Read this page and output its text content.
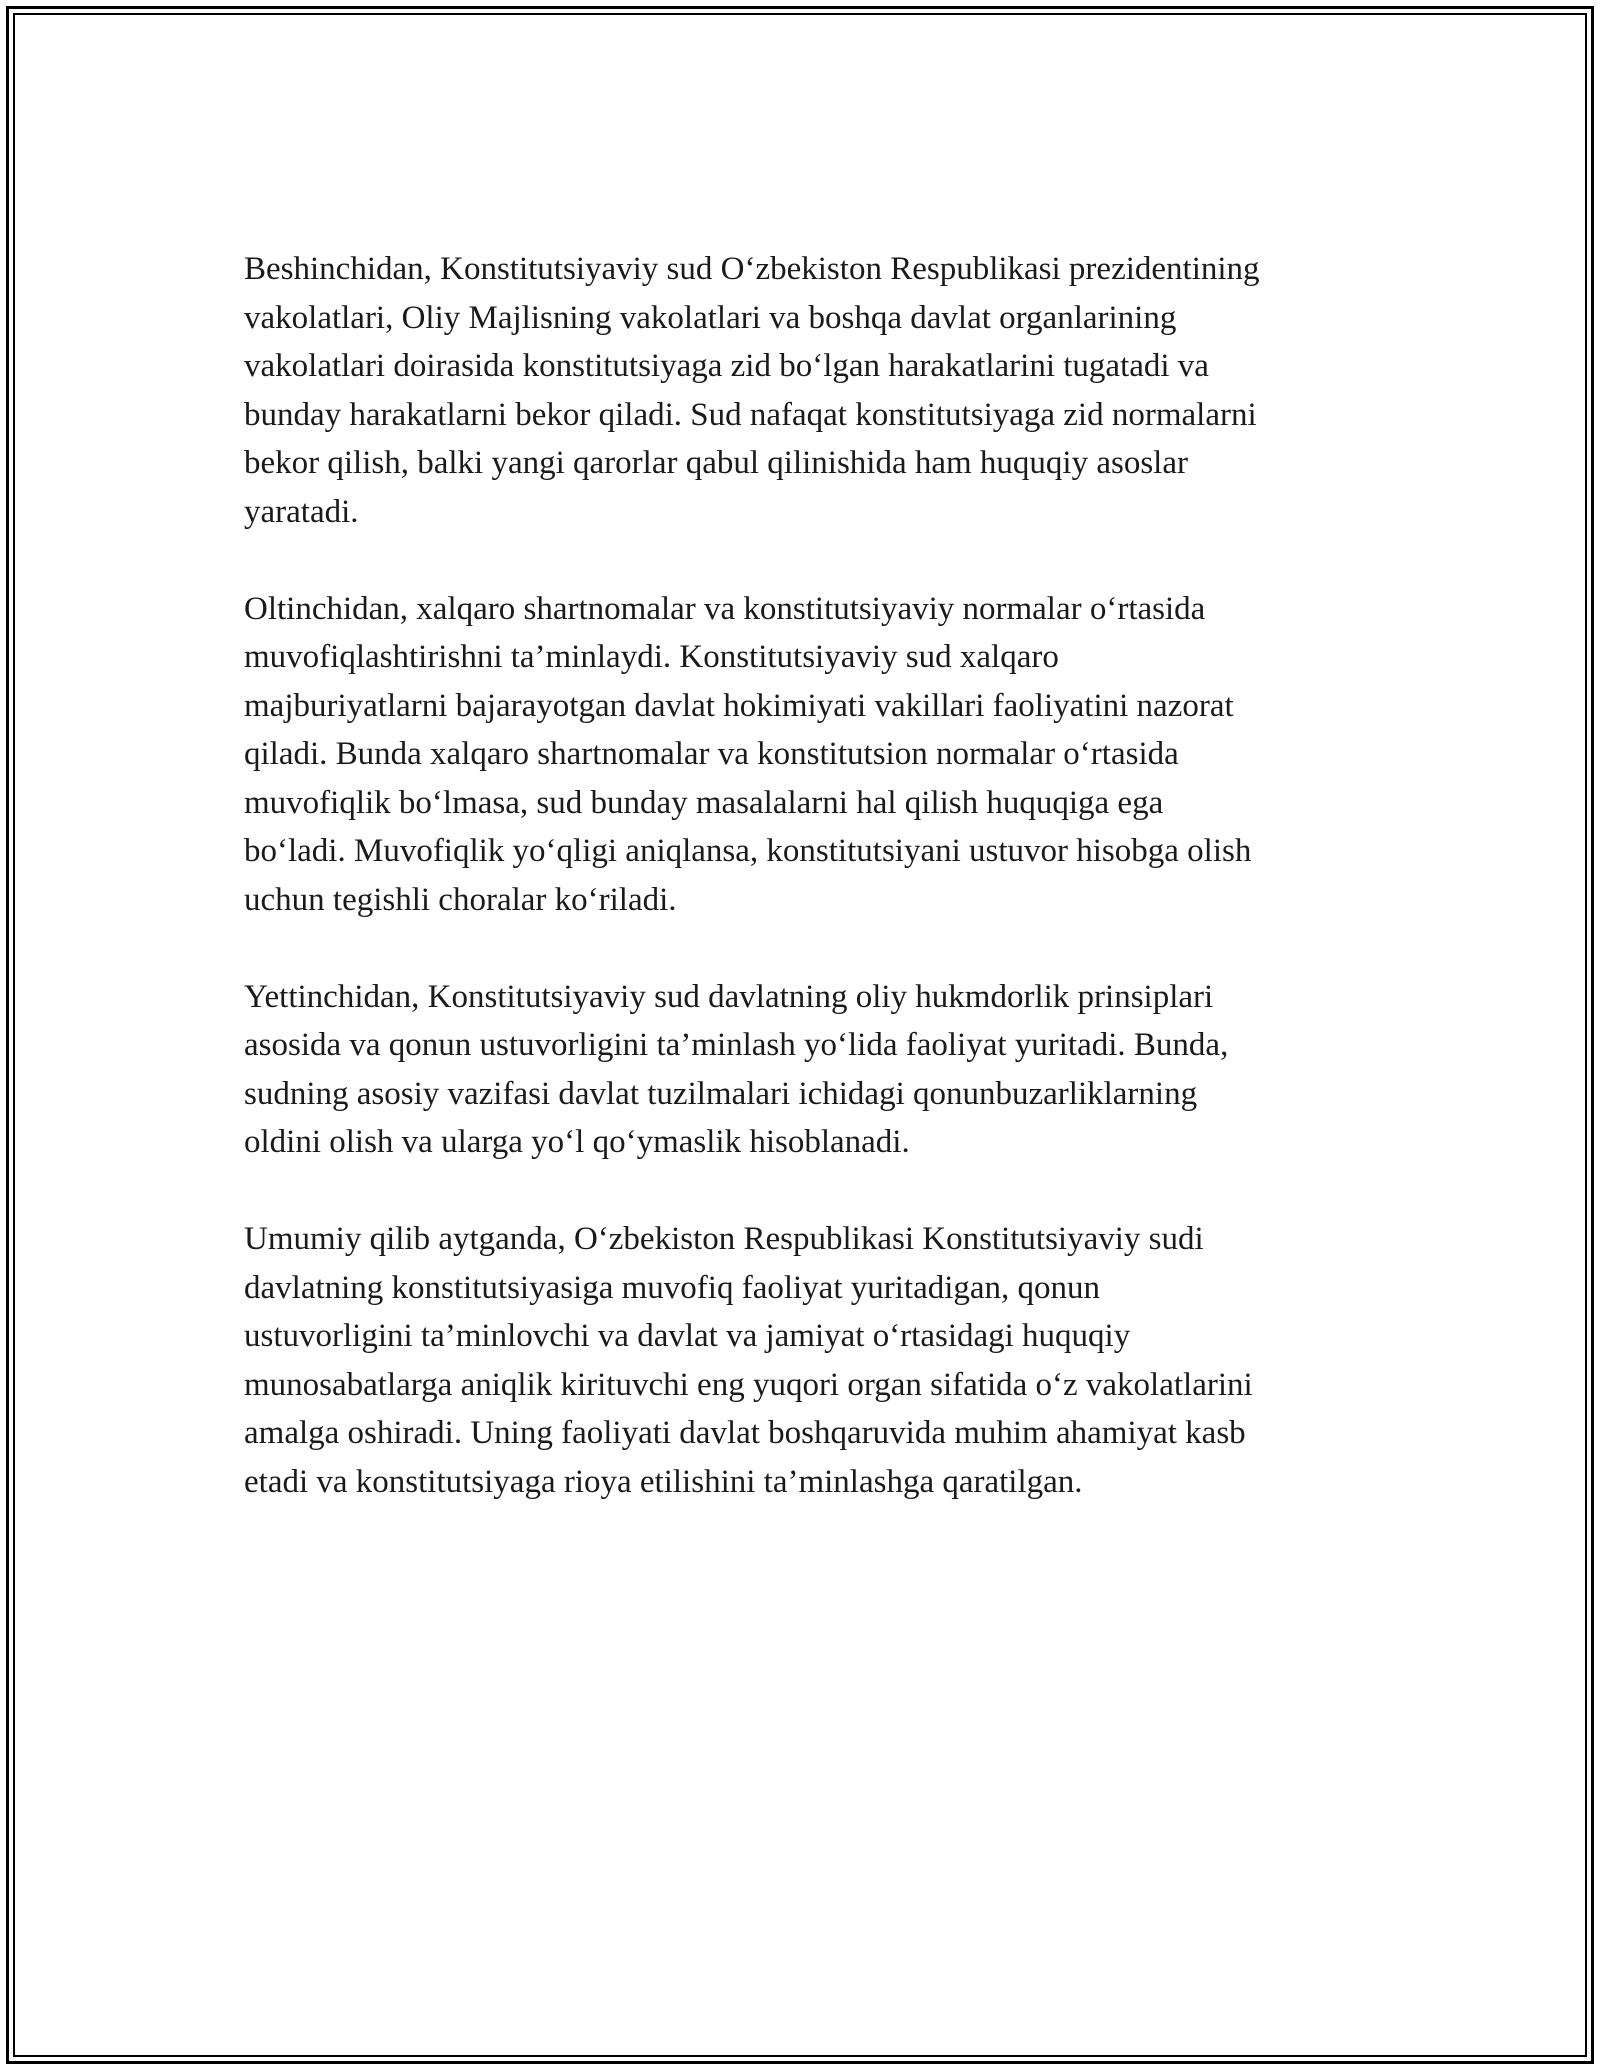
Beshinchidan, Konstitutsiyaviy sud O‘zbekiston Respublikasi prezidentining
vakolatlari, Oliy Majlisning vakolatlari va boshqa davlat organlarining
vakolatlari doirasida konstitutsiyaga zid bo‘lgan harakatlarini tugatadi va
bunday harakatlarni bekor qiladi. Sud nafaqat konstitutsiyaga zid normalarni
bekor qilish, balki yangi qarorlar qabul qilinishida ham huquqiy asoslar
yaratadi.

Oltinchidan, xalqaro shartnomalar va konstitutsiyaviy normalar o‘rtasida
muvofiqlashtirishni ta’minlaydi. Konstitutsiyaviy sud xalqaro
majburiyatlarni bajarayotgan davlat hokimiyati vakillari faoliyatini nazorat
qiladi. Bunda xalqaro shartnomalar va konstitutsion normalar o‘rtasida
muvofiqlik bo‘lmasa, sud bunday masalalarni hal qilish huquqiga ega
bo‘ladi. Muvofiqlik yo‘qligi aniqlansa, konstitutsiyani ustuvor hisobga olish
uchun tegishli choralar ko‘riladi.

Yettinchidan, Konstitutsiyaviy sud davlatning oliy hukmdorlik prinsiplari
asosida va qonun ustuvorligini ta’minlash yo‘lida faoliyat yuritadi. Bunda,
sudning asosiy vazifasi davlat tuzilmalari ichidagi qonunbuzarliklarning
oldini olish va ularga yo‘l qo‘ymaslik hisoblanadi.

Umumiy qilib aytganda, O‘zbekiston Respublikasi Konstitutsiyaviy sudi
davlatning konstitutsiyasiga muvofiq faoliyat yuritadigan, qonun
ustuvorligini ta’minlovchi va davlat va jamiyat o‘rtasidagi huquqiy
munosabatlarga aniqlik kirituvchi eng yuqori organ sifatida o‘z vakolatlarini
amalga oshiradi. Uning faoliyati davlat boshqaruvida muhim ahamiyat kasb
etadi va konstitutsiyaga rioya etilishini ta’minlashga qaratilgan.
